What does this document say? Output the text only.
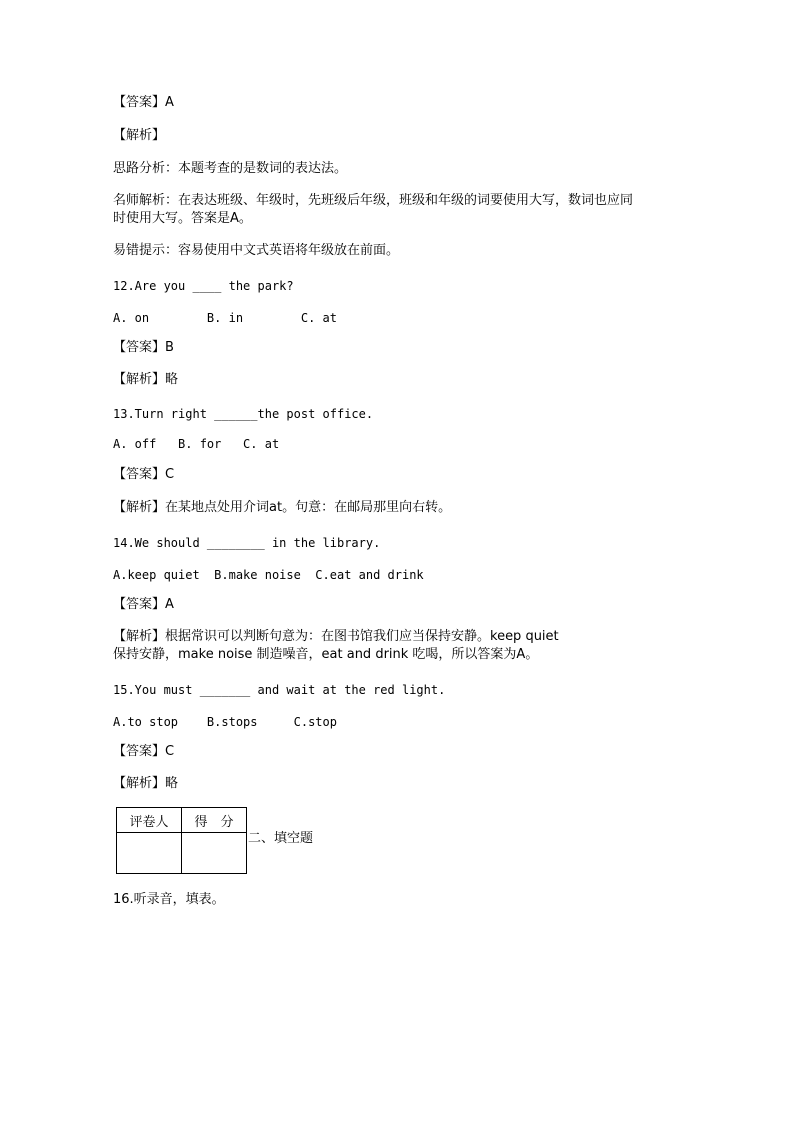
【答案】A
【解析】
思路分析：本题考查的是数词的表达法。
名师解析：在表达班级、年级时，先班级后年级，班级和年级的词要使用大写，数词也应同
时使用大写。答案是A。
易错提示：容易使用中文式英语将年级放在前面。
12.Are you ____ the park?
A. on        B. in        C. at
【答案】B
【解析】略
13.Turn right ______the post office.
A. off   B. for   C. at
【答案】C
【解析】在某地点处用介词at。句意：在邮局那里向右转。
14.We should ________ in the library.
A.keep quiet  B.make noise  C.eat and drink
【答案】A
【解析】根据常识可以判断句意为：在图书馆我们应当保持安静。keep quiet
保持安静，make noise 制造噪音，eat and drink 吃喝，所以答案为A。
15.You must _______ and wait at the red light.
A.to stop    B.stops     C.stop
【答案】C
【解析】略
评卷人	得　分

二、填空题
16.听录音，填表。
